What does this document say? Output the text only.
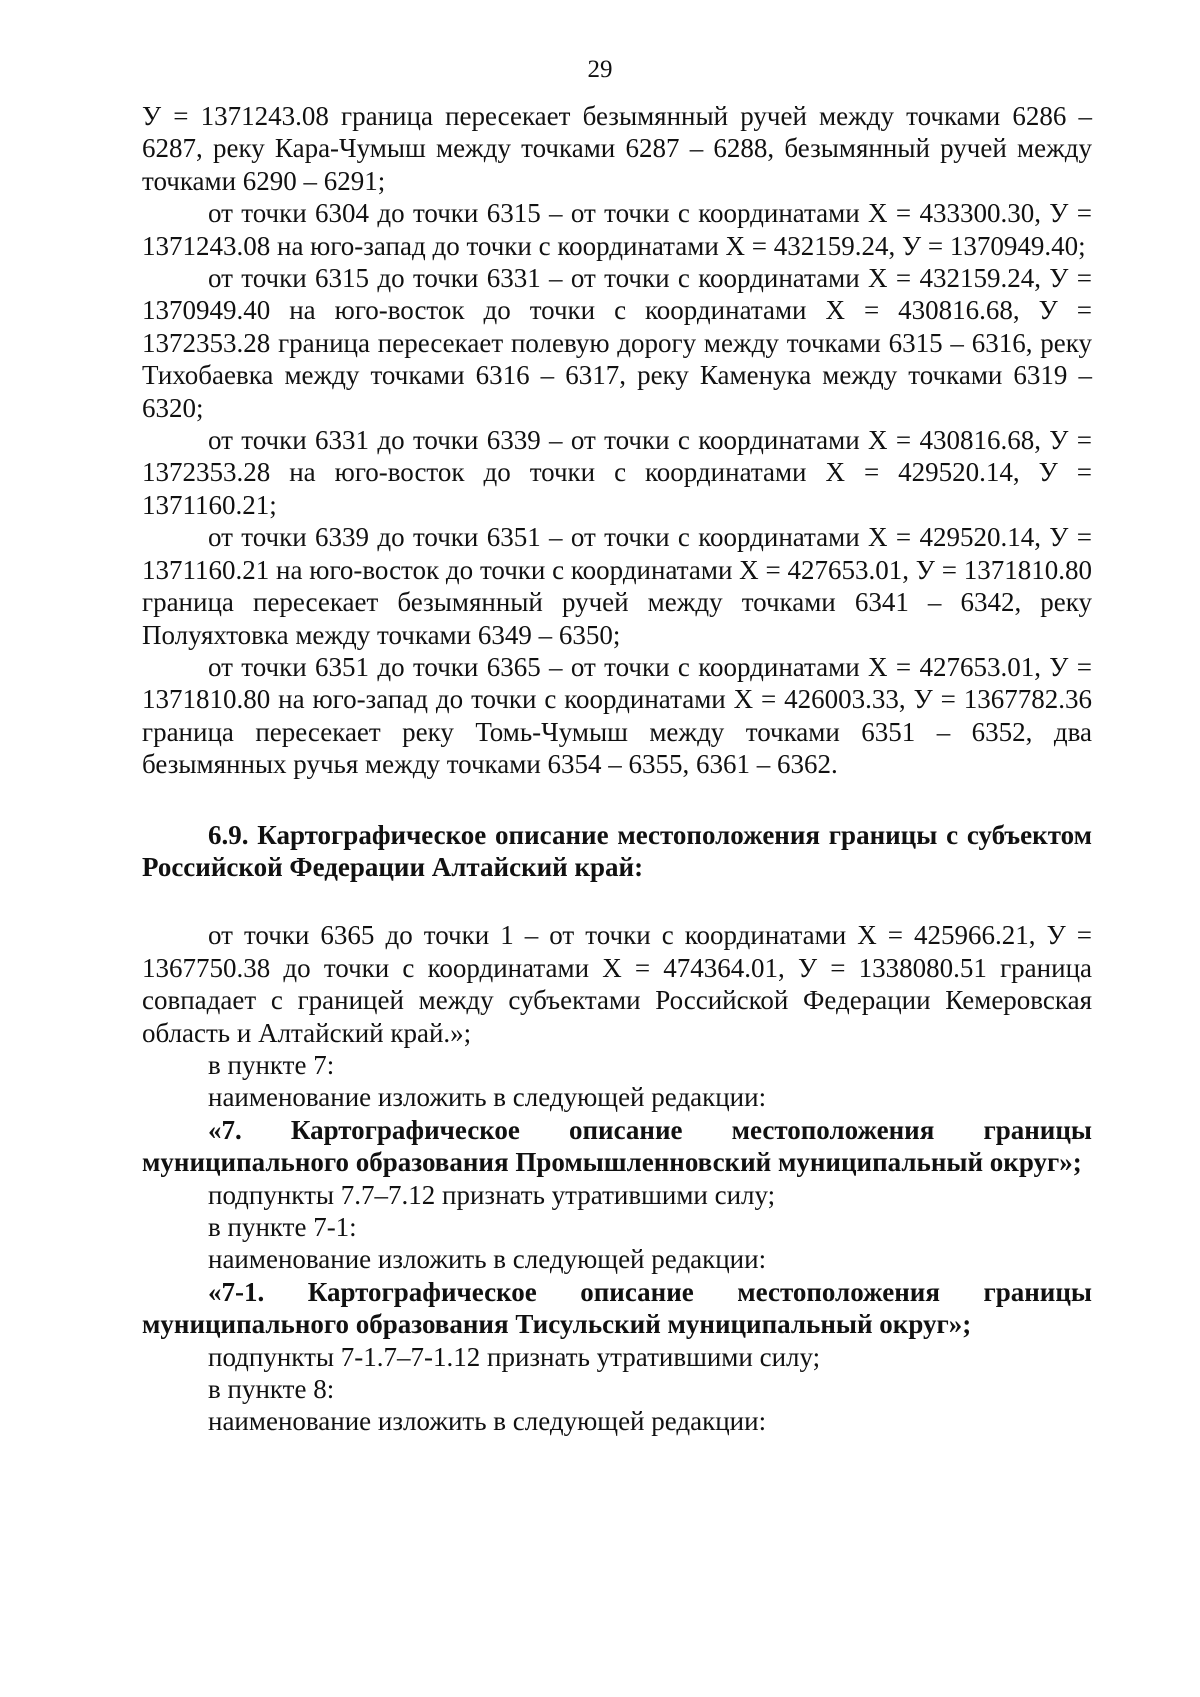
29

У = 1371243.08 граница пересекает безымянный ручей между точками 6286 – 6287, реку Кара-Чумыш между точками 6287 – 6288, безымянный ручей между точками 6290 – 6291;

от точки 6304 до точки 6315 – от точки с координатами Х = 433300.30, У = 1371243.08 на юго-запад до точки с координатами Х = 432159.24, У = 1370949.40;

от точки 6315 до точки 6331 – от точки с координатами Х = 432159.24, У = 1370949.40 на юго-восток до точки с координатами Х = 430816.68, У = 1372353.28 граница пересекает полевую дорогу между точками 6315 – 6316, реку Тихобаевка между точками 6316 – 6317, реку Каменука между точками 6319 – 6320;

от точки 6331 до точки 6339 – от точки с координатами Х = 430816.68, У = 1372353.28 на юго-восток до точки с координатами Х = 429520.14, У = 1371160.21;

от точки 6339 до точки 6351 – от точки с координатами Х = 429520.14, У = 1371160.21 на юго-восток до точки с координатами Х = 427653.01, У = 1371810.80 граница пересекает безымянный ручей между точками 6341 – 6342, реку Полуяхтовка между точками 6349 – 6350;

от точки 6351 до точки 6365 – от точки с координатами Х = 427653.01, У = 1371810.80 на юго-запад до точки с координатами Х = 426003.33, У = 1367782.36 граница пересекает реку Томь-Чумыш между точками 6351 – 6352, два безымянных ручья между точками 6354 – 6355, 6361 – 6362.

6.9. Картографическое описание местоположения границы с субъектом Российской Федерации Алтайский край:

от точки 6365 до точки 1 – от точки с координатами Х = 425966.21, У = 1367750.38 до точки с координатами Х = 474364.01, У = 1338080.51 граница совпадает с границей между субъектами Российской Федерации Кемеровская область и Алтайский край.»;

в пункте 7:

наименование изложить в следующей редакции:

«7. Картографическое описание местоположения границы муниципального образования Промышленновский муниципальный округ»;

подпункты 7.7–7.12 признать утратившими силу;

в пункте 7-1:

наименование изложить в следующей редакции:

«7-1. Картографическое описание местоположения границы муниципального образования Тисульский муниципальный округ»;

подпункты 7-1.7–7-1.12 признать утратившими силу;

в пункте 8:

наименование изложить в следующей редакции:
